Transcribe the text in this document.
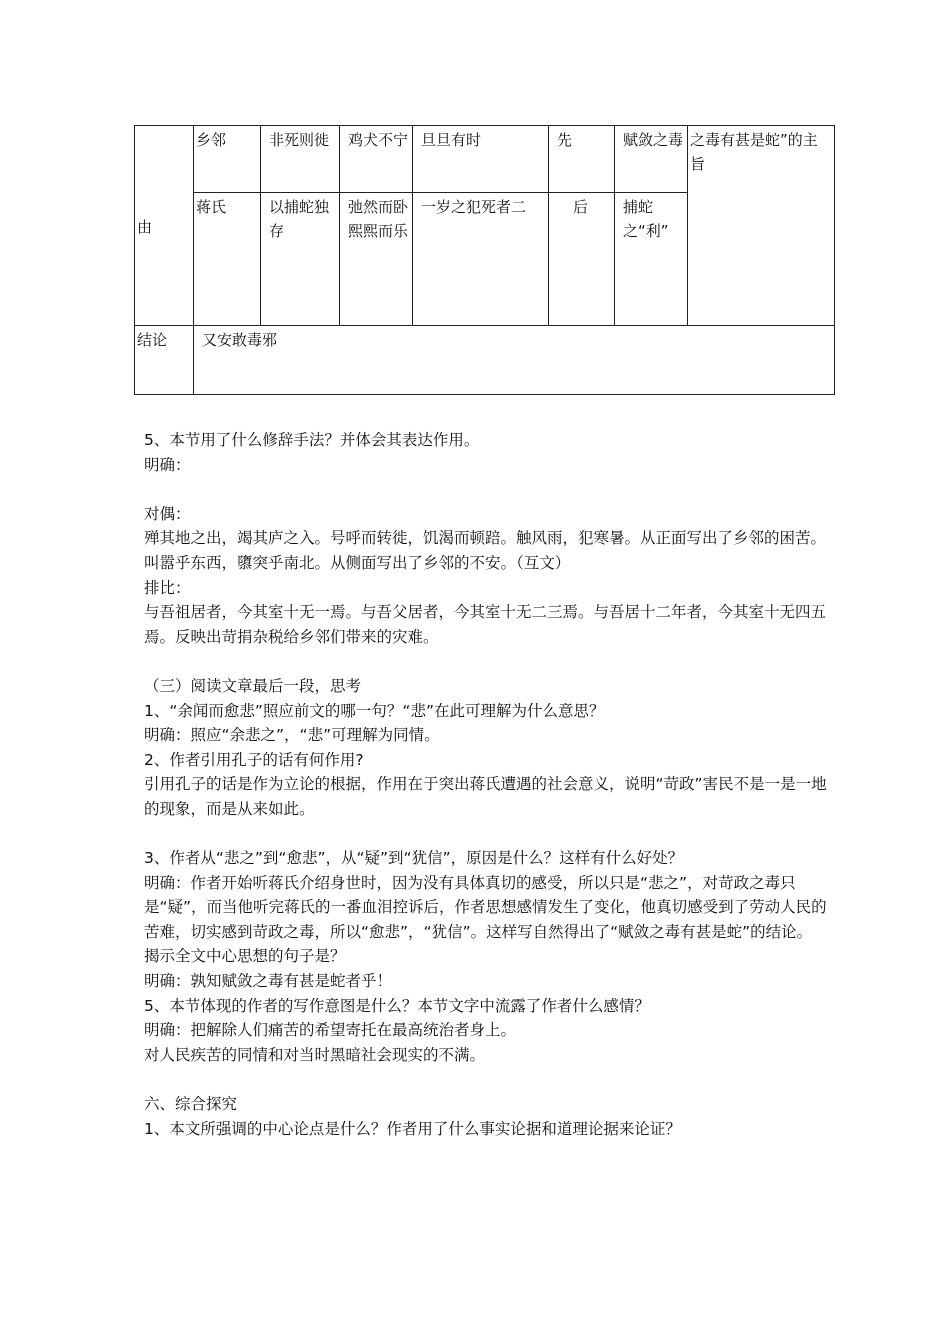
由	乡邻	非死则徙	鸡犬不宁	旦旦有时	先	赋敛之毒	之毒有甚是蛇”的主旨
	蒋氏	以捕蛇独存	弛然而卧熙熙而乐	一岁之犯死者二	后	捕蛇之“利”	
结论	又安敢毒邪						

5、本节用了什么修辞手法？并体会其表达作用。

明确：

对偶：

殚其地之出，竭其庐之入。号呼而转徙，饥渴而顿踣。触风雨，犯寒暑。从正面写出了乡邻的困苦。

叫嚣乎东西，隳突乎南北。从侧面写出了乡邻的不安。（互文）

排比：

与吾祖居者，今其室十无一焉。与吾父居者，今其室十无二三焉。与吾居十二年者，今其室十无四五焉。反映出苛捐杂税给乡邻们带来的灾难。

（三）阅读文章最后一段，思考

1、“余闻而愈悲”照应前文的哪一句？“悲”在此可理解为什么意思？

明确：照应“余悲之”，“悲”可理解为同情。

2、作者引用孔子的话有何作用?

引用孔子的话是作为立论的根据，作用在于突出蒋氏遭遇的社会意义，说明“苛政”害民不是一是一地的现象，而是从来如此。

3、作者从“悲之”到“愈悲”，从“疑”到“犹信”，原因是什么？这样有什么好处？

明确：作者开始听蒋氏介绍身世时，因为没有具体真切的感受，所以只是“悲之”，对苛政之毒只是“疑”，而当他听完蒋氏的一番血泪控诉后，作者思想感情发生了变化，他真切感受到了劳动人民的苦难，切实感到苛政之毒，所以“愈悲”，“犹信”。这样写自然得出了“赋敛之毒有甚是蛇”的结论。

揭示全文中心思想的句子是？

明确：孰知赋敛之毒有甚是蛇者乎！

5、本节体现的作者的写作意图是什么？本节文字中流露了作者什么感情？

明确：把解除人们痛苦的希望寄托在最高统治者身上。

对人民疾苦的同情和对当时黑暗社会现实的不满。

六、综合探究

1、本文所强调的中心论点是什么？作者用了什么事实论据和道理论据来论证？
